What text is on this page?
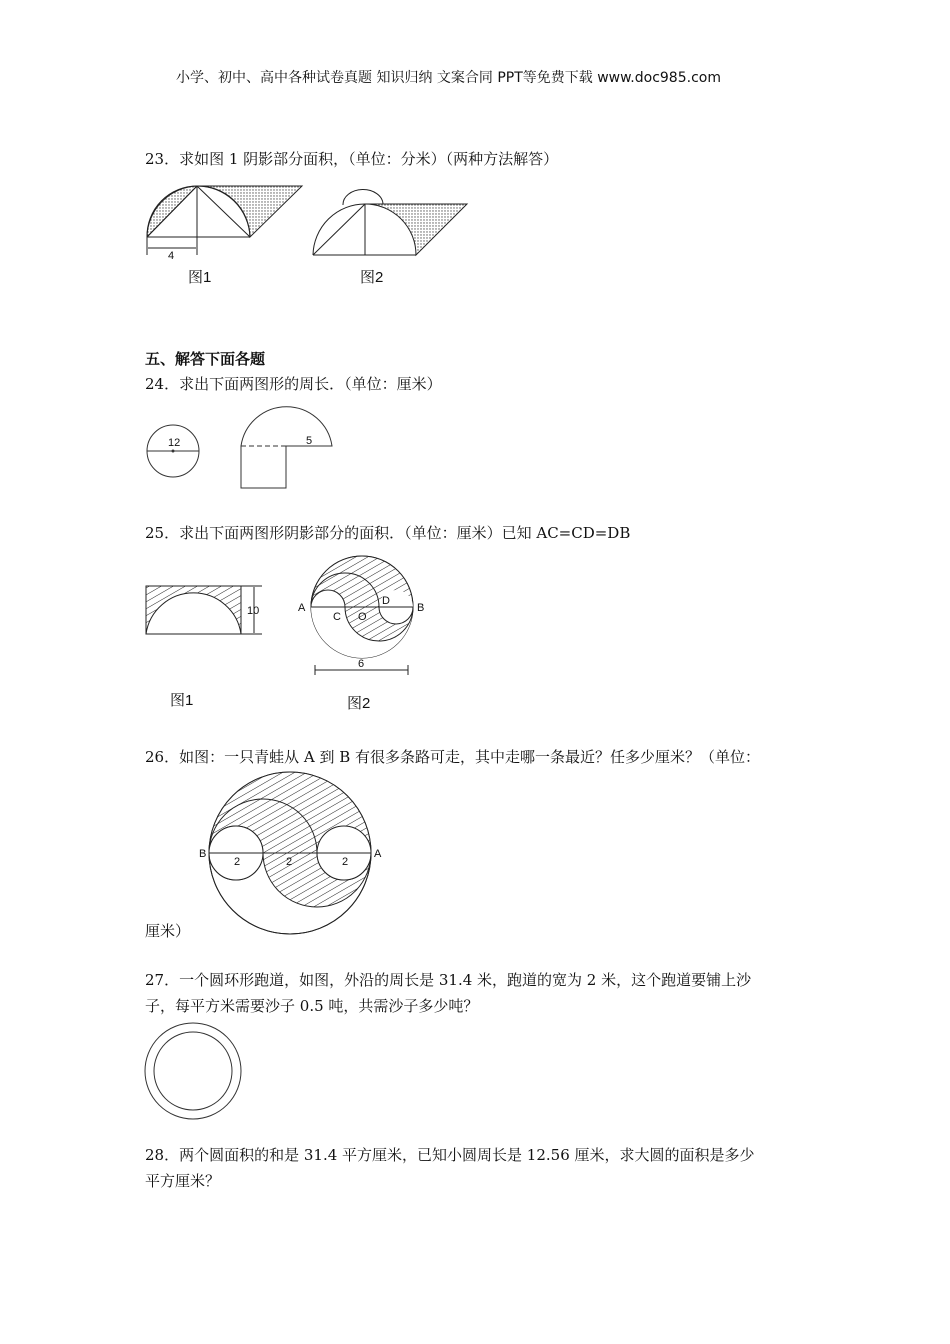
小学、初中、高中各种试卷真题 知识归纳 文案合同 PPT等免费下载 www.doc985.com
23．求如图 1 阴影部分面积，（单位：分米）（两种方法解答）
4
图1	图2
12	5
10
图1
A	B
C O
D
6
图2
B	A
2	2	2
五、解答下面各题
24．求出下面两图形的周长．（单位：厘米）
25．求出下面两图形阴影部分的面积．（单位：厘米）已知 AC=CD=DB
26．如图：一只青蛙从 A 到 B 有很多条路可走，其中走哪一条最近？任多少厘米？（单位：
厘米）
27．一个圆环形跑道，如图，外沿的周长是 31.4 米，跑道的宽为 2 米，这个跑道要铺上沙
子，每平方米需要沙子 0.5 吨，共需沙子多少吨？
28．两个圆面积的和是 31.4 平方厘米，已知小圆周长是 12.56 厘米，求大圆的面积是多少
平方厘米？
